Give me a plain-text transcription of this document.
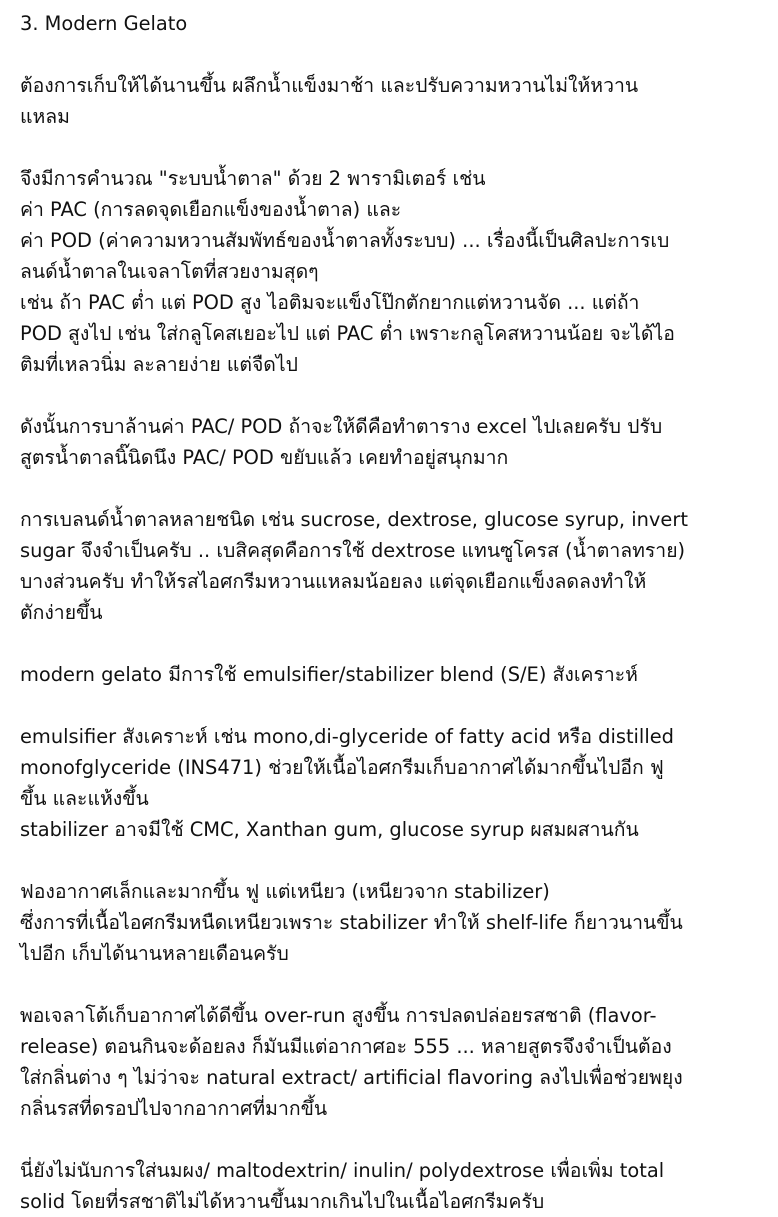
3. Modern Gelato
ต้องการเก็บให้ได้นานขึ้น ผลึกน้ำแข็งมาช้า และปรับความหวานไม่ให้หวาน
แหลม
จึงมีการคำนวณ "ระบบน้ำตาล" ด้วย 2 พารามิเตอร์ เช่น
ค่า PAC (การลดจุดเยือกแข็งของน้ำตาล) และ
ค่า POD (ค่าความหวานสัมพัทธ์ของน้ำตาลทั้งระบบ) ... เรื่องนี้เป็นศิลปะการเบ
ลนด์น้ำตาลในเจลาโตที่สวยงามสุดๆ
เช่น ถ้า PAC ต่ำ แต่ POD สูง ไอติมจะแข็งโป๊กตักยากแต่หวานจัด ... แต่ถ้า
POD สูงไป เช่น ใส่กลูโคสเยอะไป แต่ PAC ต่ำ เพราะกลูโคสหวานน้อย จะได้ไอ
ติมที่เหลวนิ่ม ละลายง่าย แต่จืดไป
ดังนั้นการบาล้านค่า PAC/ POD ถ้าจะให้ดีคือทำตาราง excel ไปเลยครับ ปรับ
สูตรน้ำตาลนิ๊นิดนึง PAC/ POD ขยับแล้ว เคยทำอยู่สนุกมาก
การเบลนด์น้ำตาลหลายชนิด เช่น sucrose, dextrose, glucose syrup, invert
sugar จึงจำเป็นครับ .. เบสิคสุดคือการใช้ dextrose แทนซูโครส (น้ำตาลทราย)
บางส่วนครับ ทำให้รสไอศกรีมหวานแหลมน้อยลง แต่จุดเยือกแข็งลดลงทำให้
ตักง่ายขึ้น
modern gelato มีการใช้ emulsifier/stabilizer blend (S/E) สังเคราะห์
emulsifier สังเคราะห์ เช่น mono,di-glyceride of fatty acid หรือ distilled
monofglyceride (INS471) ช่วยให้เนื้อไอศกรีมเก็บอากาศได้มากขึ้นไปอีก ฟู
ขึ้น และแห้งขึ้น
stabilizer อาจมีใช้ CMC, Xanthan gum, glucose syrup ผสมผสานกัน
ฟองอากาศเล็กและมากขึ้น ฟู แต่เหนียว (เหนียวจาก stabilizer)
ซึ่งการที่เนื้อไอศกรีมหนืดเหนียวเพราะ stabilizer ทำให้ shelf-life ก็ยาวนานขึ้น
ไปอีก เก็บได้นานหลายเดือนครับ
พอเจลาโต้เก็บอากาศได้ดีขึ้น over-run สูงขึ้น การปลดปล่อยรสชาติ (flavor-
release) ตอนกินจะด้อยลง ก็มันมีแต่อากาศอะ 555 ... หลายสูตรจึงจำเป็นต้อง
ใส่กลิ่นต่าง ๆ ไม่ว่าจะ natural extract/ artificial flavoring ลงไปเพื่อช่วยพยุง
กลิ่นรสที่ดรอปไปจากอากาศที่มากขึ้น
นี่ยังไม่นับการใส่นมผง/ maltodextrin/ inulin/ polydextrose เพื่อเพิ่ม total
solid โดยที่รสชาติไม่ได้หวานขึ้นมากเกินไปในเนื้อไอศกรีมครับ
